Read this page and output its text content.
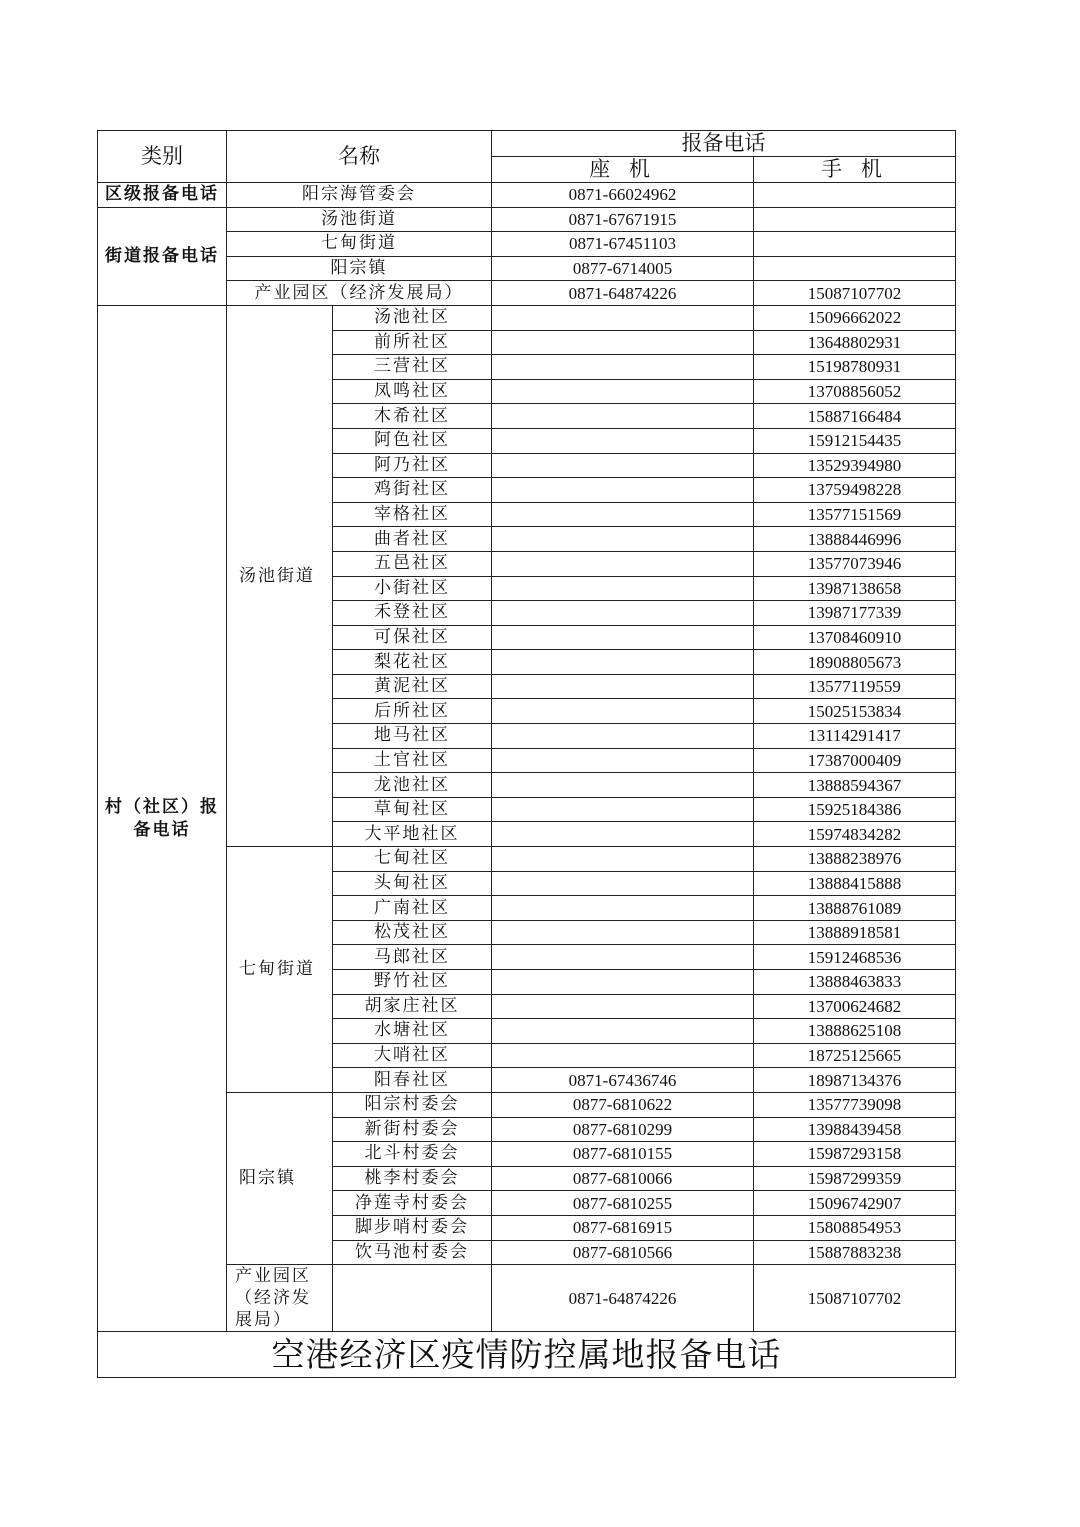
类别	名称		报备电话	
			座 机	手 机
区级报备电话	阳宗海管委会		0871-66024962	
街道报备电话	汤池街道		0871-67671915	
	七甸街道		0871-67451103	
	阳宗镇		0877-6714005	
	产业园区（经济发展局）		0871-64874226	15087107702
村（社区）报备电话	汤池街道	汤池社区		15096662022
		前所社区		13648802931
		三营社区		15198780931
		凤鸣社区		13708856052
		木希社区		15887166484
		阿色社区		15912154435
		阿乃社区		13529394980
		鸡街社区		13759498228
		宰格社区		13577151569
		曲者社区		13888446996
		五邑社区		13577073946
		小街社区		13987138658
		禾登社区		13987177339
		可保社区		13708460910
		梨花社区		18908805673
		黄泥社区		13577119559
		后所社区		15025153834
		地马社区		13114291417
		土官社区		17387000409
		龙池社区		13888594367
		草甸社区		15925184386
		大平地社区		15974834282
	七甸街道	七甸社区		13888238976
		头甸社区		13888415888
		广南社区		13888761089
		松茂社区		13888918581
		马郎社区		15912468536
		野竹社区		13888463833
		胡家庄社区		13700624682
		水塘社区		13888625108
		大哨社区		18725125665
		阳春社区	0871-67436746	18987134376
	阳宗镇	阳宗村委会	0877-6810622	13577739098
		新街村委会	0877-6810299	13988439458
		北斗村委会	0877-6810155	15987293158
		桃李村委会	0877-6810066	15987299359
		净莲寺村委会	0877-6810255	15096742907
		脚步哨村委会	0877-6816915	15808854953
		饮马池村委会	0877-6810566	15887883238
	产业园区（经济发展局）		0871-64874226	15087107702
空港经济区疫情防控属地报备电话				
